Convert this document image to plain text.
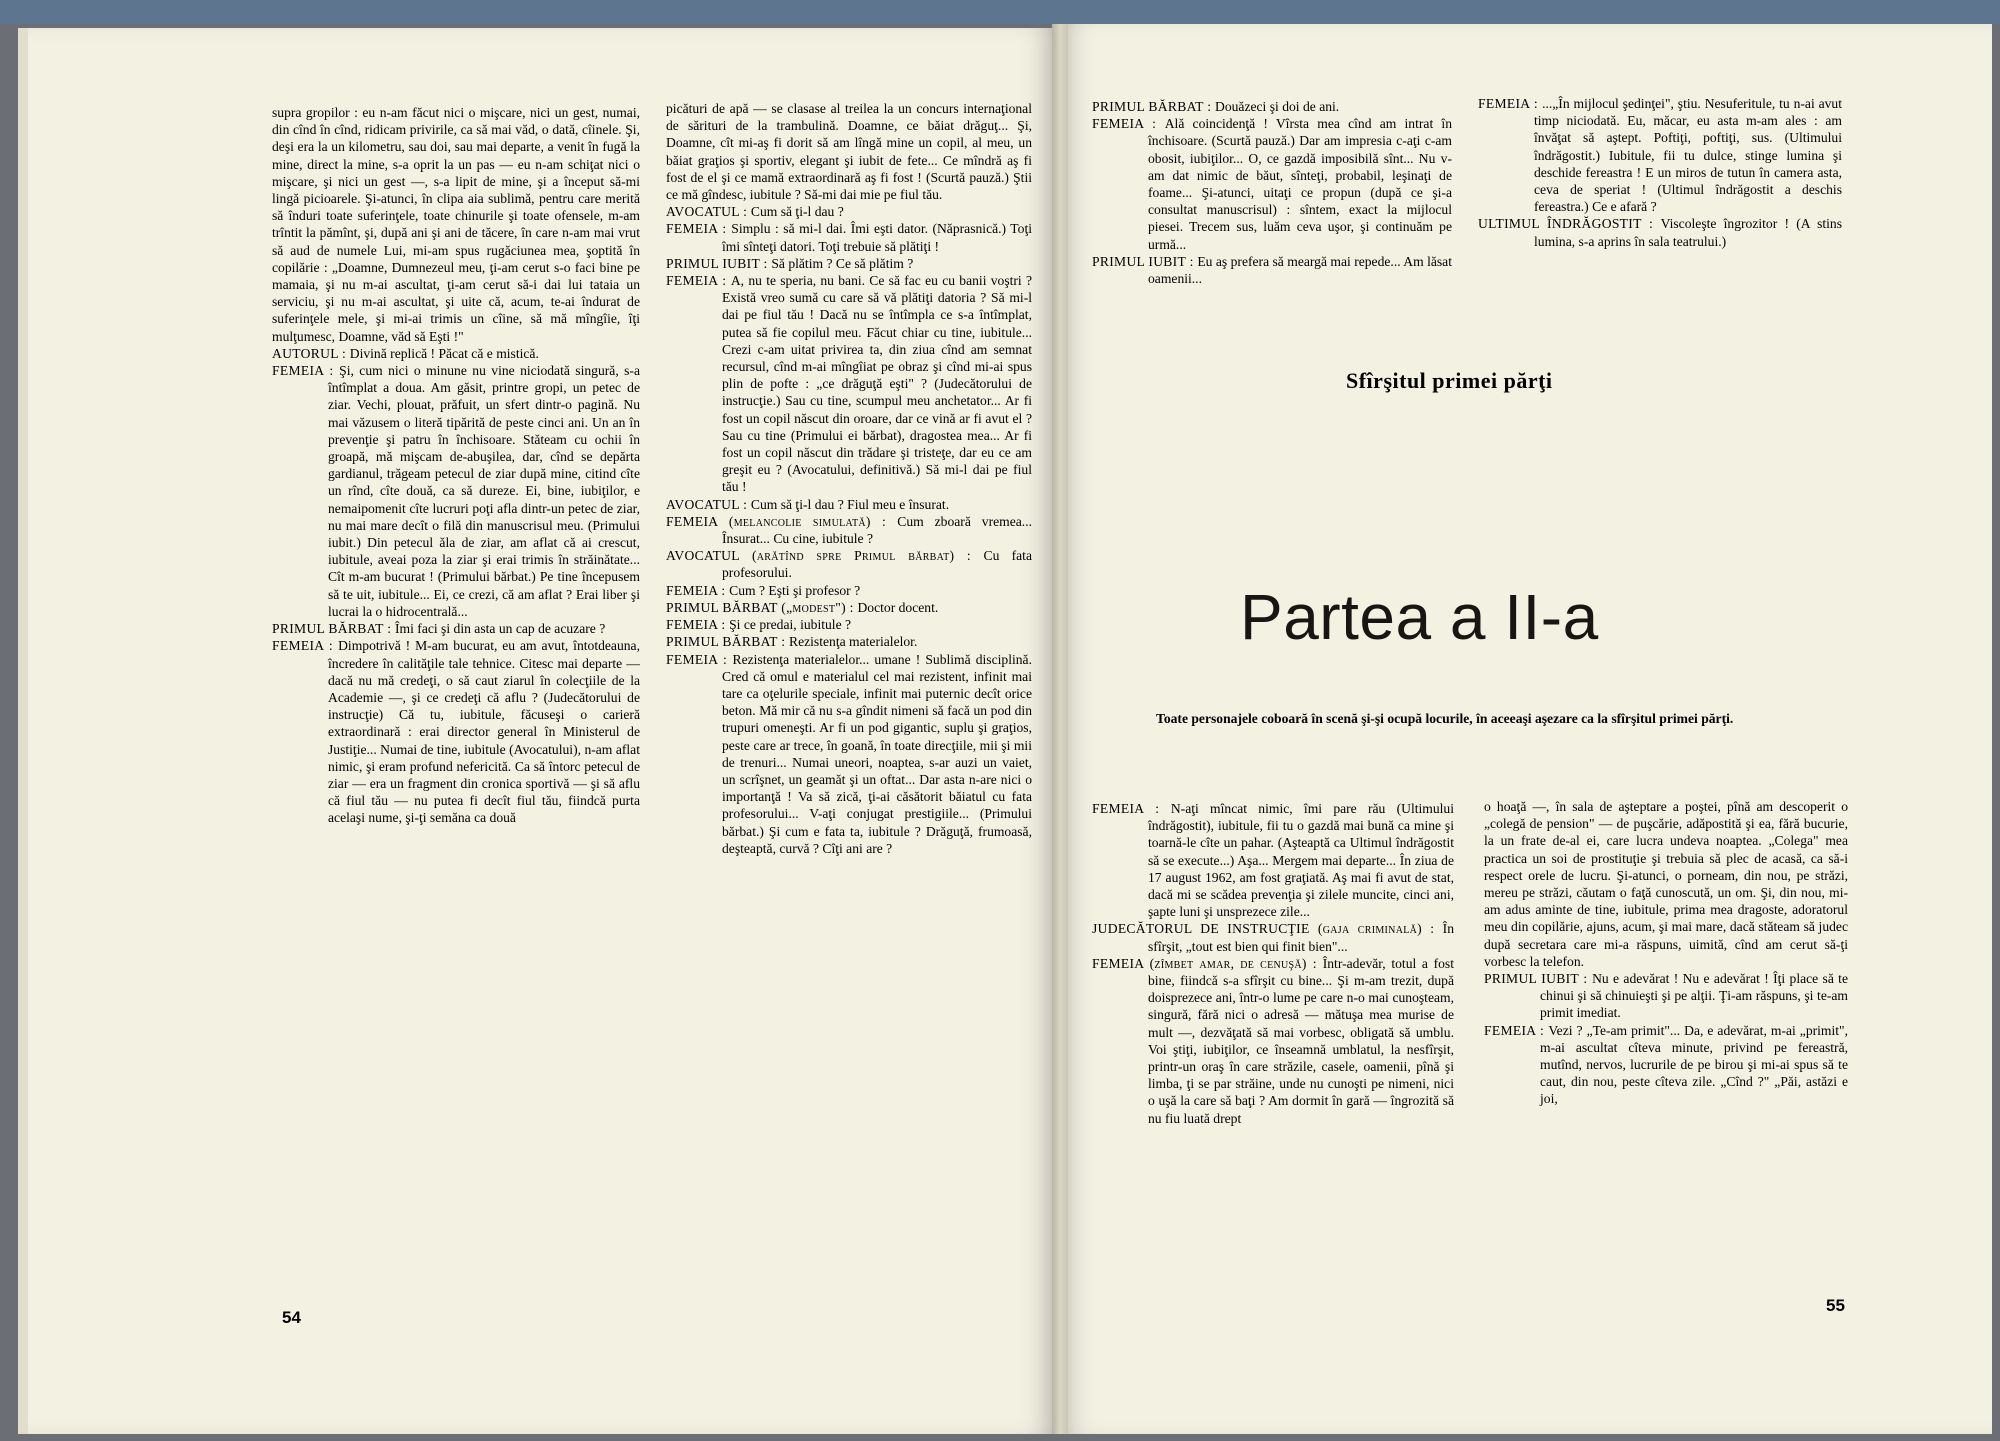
supra gropilor : eu n-am făcut nici o mişcare, nici un gest, numai, din cînd în cînd, ridicam privirile, ca să mai văd, o dată, cîinele. Şi, deşi era la un kilometru, sau doi, sau mai departe, a venit în fugă la mine, direct la mine, s-a oprit la un pas — eu n-am schiţat nici o mişcare, şi nici un gest —, s-a lipit de mine, şi a început să-mi lingă picioarele. Şi-atunci, în clipa aia sublimă, pentru care merită să înduri toate suferinţele, toate chinurile şi toate ofensele, m-am trîntit la pămînt, şi, după ani şi ani de tăcere, în care n-am mai vrut să aud de numele Lui, mi-am spus rugăciunea mea, şoptită în copilărie : „Doamne, Dumnezeul meu, ţi-am cerut s-o faci bine pe mamaia, şi nu m-ai ascultat, ţi-am cerut să-i dai lui tataia un serviciu, şi nu m-ai ascultat, şi uite că, acum, te-ai îndurat de suferinţele mele, şi mi-ai trimis un cîine, să mă mîngîie, îţi mulţumesc, Doamne, văd să Eşti !"

AUTORUL : Divină replică ! Păcat că e mistică.

FEMEIA : Şi, cum nici o minune nu vine niciodată singură, s-a întîmplat a doua. Am găsit, printre gropi, un petec de ziar. Vechi, plouat, prăfuit, un sfert dintr-o pagină. Nu mai văzusem o literă tipărită de peste cinci ani. Un an în prevenţie şi patru în închisoare. Stăteam cu ochii în groapă, mă mişcam de-abuşilea, dar, cînd se depărta gardianul, trăgeam petecul de ziar după mine, citind cîte un rînd, cîte două, ca să dureze. Ei, bine, iubiţilor, e nemaipomenit cîte lucruri poţi afla dintr-un petec de ziar, nu mai mare decît o filă din manuscrisul meu. (Primului iubit.) Din petecul ăla de ziar, am aflat că ai crescut, iubitule, aveai poza la ziar şi erai trimis în străinătate... Cît m-am bucurat ! (Primului bărbat.) Pe tine începusem să te uit, iubitule... Ei, ce crezi, că am aflat ? Erai liber şi lucrai la o hidrocentrală...

PRIMUL BĂRBAT : Îmi faci şi din asta un cap de acuzare ?

FEMEIA : Dimpotrivă ! M-am bucurat, eu am avut, întotdeauna, încredere în calităţile tale tehnice. Citesc mai departe — dacă nu mă credeţi, o să caut ziarul în colecţiile de la Academie —, şi ce credeţi că aflu ? (Judecătorului de instrucţie) Că tu, iubitule, făcuseşi o carieră extraordinară : erai director general în Ministerul de Justiţie... Numai de tine, iubitule (Avocatului), n-am aflat nimic, şi eram profund nefericită. Ca să întorc petecul de ziar — era un fragment din cronica sportivă — şi să aflu că fiul tău — nu putea fi decît fiul tău, fiindcă purta acelaşi nume, şi-ţi semăna ca două

picături de apă — se clasase al treilea la un concurs internaţional de sărituri de la trambulină. Doamne, ce băiat drăguţ... Şi, Doamne, cît mi-aş fi dorit să am lîngă mine un copil, al meu, un băiat graţios şi sportiv, elegant şi iubit de fete... Ce mîndră aş fi fost de el şi ce mamă extraordinară aş fi fost ! (Scurtă pauză.) Ştii ce mă gîndesc, iubitule ? Să-mi dai mie pe fiul tău.

AVOCATUL : Cum să ţi-l dau ?

FEMEIA : Simplu : să mi-l dai. Îmi eşti dator. (Năprasnică.) Toţi îmi sînteţi datori. Toţi trebuie să plătiţi !

PRIMUL IUBIT : Să plătim ? Ce să plătim ?

FEMEIA : A, nu te speria, nu bani. Ce să fac eu cu banii voştri ? Există vreo sumă cu care să vă plătiţi datoria ? Să mi-l dai pe fiul tău ! Dacă nu se întîmpla ce s-a întîmplat, putea să fie copilul meu. Făcut chiar cu tine, iubitule... Crezi c-am uitat privirea ta, din ziua cînd am semnat recursul, cînd m-ai mîngîiat pe obraz şi cînd mi-ai spus plin de pofte : „ce drăguţă eşti" ? (Judecătorului de instrucţie.) Sau cu tine, scumpul meu anchetator... Ar fi fost un copil născut din oroare, dar ce vină ar fi avut el ? Sau cu tine (Primului ei bărbat), dragostea mea... Ar fi fost un copil născut din trădare şi tristeţe, dar eu ce am greşit eu ? (Avocatului, definitivă.) Să mi-l dai pe fiul tău !

AVOCATUL : Cum să ţi-l dau ? Fiul meu e însurat.

FEMEIA (melancolie simulată) : Cum zboară vremea... Însurat... Cu cine, iubitule ?

AVOCATUL (arătînd spre Primul bărbat) : Cu fata profesorului.

FEMEIA : Cum ? Eşti şi profesor ?

PRIMUL BĂRBAT („modest") : Doctor docent.

FEMEIA : Şi ce predai, iubitule ?

PRIMUL BĂRBAT : Rezistenţa materialelor.

FEMEIA : Rezistenţa materialelor... umane ! Sublimă disciplină. Cred că omul e materialul cel mai rezistent, infinit mai tare ca oţelurile speciale, infinit mai puternic decît orice beton. Mă mir că nu s-a gîndit nimeni să facă un pod din trupuri omeneşti. Ar fi un pod gigantic, suplu şi graţios, peste care ar trece, în goană, în toate direcţiile, mii şi mii de trenuri... Numai uneori, noaptea, s-ar auzi un vaiet, un scrîşnet, un geamăt şi un oftat... Dar asta n-are nici o importanţă ! Va să zică, ţi-ai căsătorit băiatul cu fata profesorului... V-aţi conjugat prestigiile... (Primului bărbat.) Şi cum e fata ta, iubitule ? Drăguţă, frumoasă, deşteaptă, curvă ? Cîţi ani are ?

54

PRIMUL BĂRBAT : Douăzeci şi doi de ani.

FEMEIA : Ală coincidenţă ! Vîrsta mea cînd am intrat în închisoare. (Scurtă pauză.) Dar am impresia c-aţi c-am obosit, iubiţilor... O, ce gazdă imposibilă sînt... Nu v-am dat nimic de băut, sînteţi, probabil, leşinaţi de foame... Şi-atunci, uitaţi ce propun (după ce şi-a consultat manuscrisul) : sîntem, exact la mijlocul piesei. Trecem sus, luăm ceva uşor, şi continuăm pe urmă...

PRIMUL IUBIT : Eu aş prefera să meargă mai repede... Am lăsat oamenii...

FEMEIA : ...„În mijlocul şedinţei", ştiu. Nesuferitule, tu n-ai avut timp niciodată. Eu, măcar, eu asta m-am ales : am învăţat să aştept. Poftiţi, poftiţi, sus. (Ultimului îndrăgostit.) Iubitule, fii tu dulce, stinge lumina şi deschide fereastra ! E un miros de tutun în camera asta, ceva de speriat ! (Ultimul îndrăgostit a deschis fereastra.) Ce e afară ?

ULTIMUL ÎNDRĂGOSTIT : Viscoleşte îngrozitor ! (A stins lumina, s-a aprins în sala teatrului.)

Sfîrşitul primei părţi
Partea a II-a
Toate personajele coboară în scenă şi-şi ocupă locurile, în aceeaşi aşezare ca la sfîrşitul primei părţi.

FEMEIA : N-aţi mîncat nimic, îmi pare rău (Ultimului îndrăgostit), iubitule, fii tu o gazdă mai bună ca mine şi toarnă-le cîte un pahar. (Aşteaptă ca Ultimul îndrăgostit să se execute...) Aşa... Mergem mai departe... În ziua de 17 august 1962, am fost graţiată. Aş mai fi avut de stat, dacă mi se scădea prevenţia şi zilele muncite, cinci ani, şapte luni şi unsprezece zile...

JUDECĂTORUL DE INSTRUCŢIE (gaja criminală) : În sfîrşit, „tout est bien qui finit bien"...

FEMEIA (zîmbet amar, de cenuşă) : Într-adevăr, totul a fost bine, fiindcă s-a sfîrşit cu bine... Şi m-am trezit, după doisprezece ani, într-o lume pe care n-o mai cunoşteam, singură, fără nici o adresă — mătuşa mea murise de mult —, dezvăţată să mai vorbesc, obligată să umblu. Voi ştiţi, iubiţilor, ce înseamnă umblatul, la nesfîrşit, printr-un oraş în care străzile, casele, oamenii, pînă şi limba, ţi se par străine, unde nu cunoşti pe nimeni, nici o uşă la care să baţi ? Am dormit în gară — îngrozită să nu fiu luată drept

o hoaţă —, în sala de aşteptare a poştei, pînă am descoperit o „colegă de pension" — de puşcărie, adăpostită şi ea, fără bucurie, la un frate de-al ei, care lucra undeva noaptea. „Colega" mea practica un soi de prostituţie şi trebuia să plec de acasă, ca să-i respect orele de lucru. Şi-atunci, o porneam, din nou, pe străzi, mereu pe străzi, căutam o faţă cunoscută, un om. Şi, din nou, mi-am adus aminte de tine, iubitule, prima mea dragoste, adoratorul meu din copilărie, ajuns, acum, şi mai mare, dacă stăteam să judec după secretara care mi-a răspuns, uimită, cînd am cerut să-ţi vorbesc la telefon.

PRIMUL IUBIT : Nu e adevărat ! Nu e adevărat ! Îţi place să te chinui şi să chinuieşti şi pe alţii. Ţi-am răspuns, şi te-am primit imediat.

FEMEIA : Vezi ? „Te-am primit"... Da, e adevărat, m-ai „primit", m-ai ascultat cîteva minute, privind pe fereastră, mutînd, nervos, lucrurile de pe birou şi mi-ai spus să te caut, din nou, peste cîteva zile. „Cînd ?" „Păi, astăzi e joi,

55
